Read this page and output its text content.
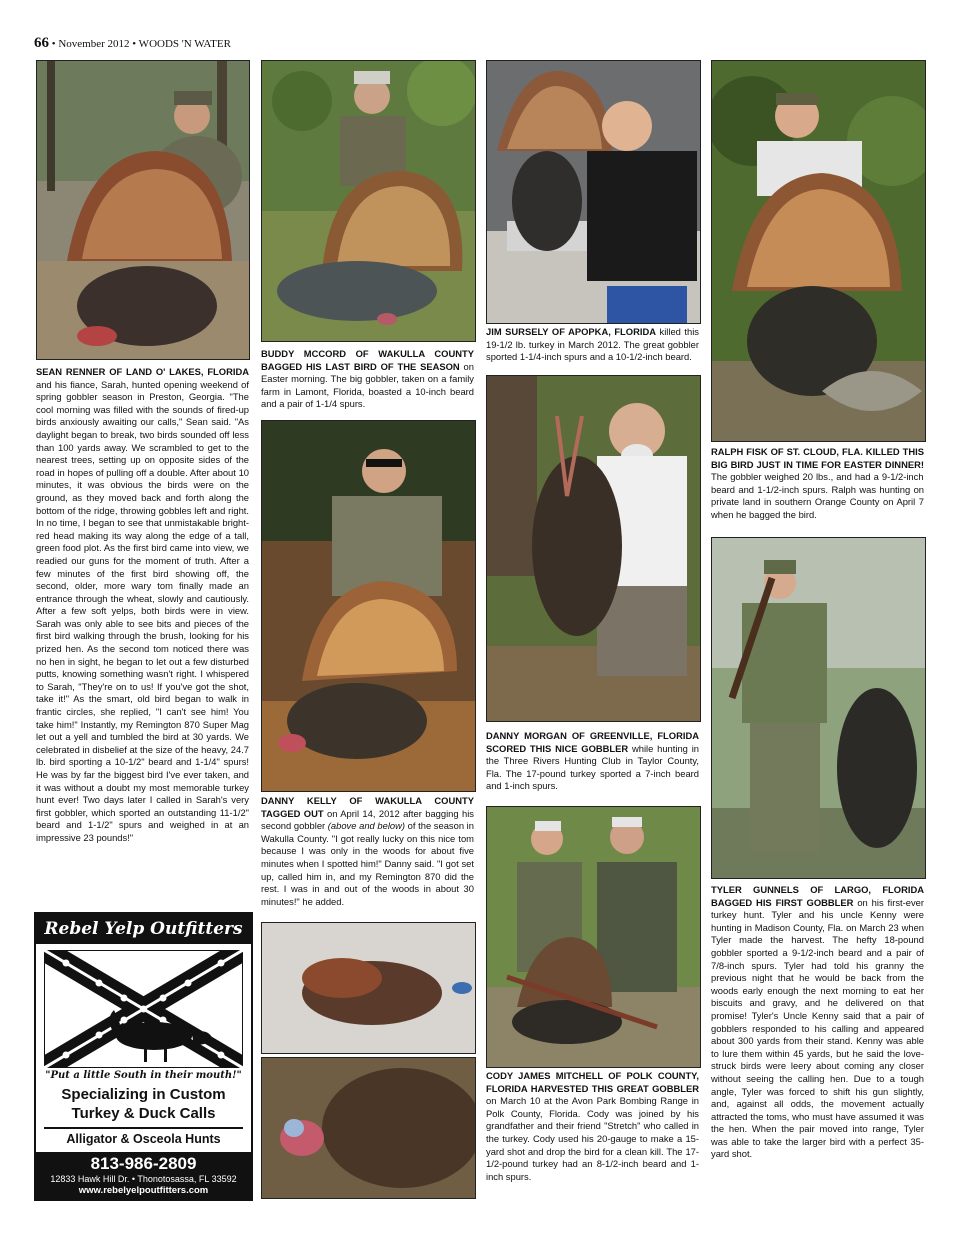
66 • November 2012 • WOODS 'N WATER

SEAN RENNER OF LAND O' LAKES, FLORIDA and his fiance, Sarah, hunted opening weekend of spring gobbler season in Preston, Georgia. "The cool morning was filled with the sounds of fired-up birds anxiously awaiting our calls," Sean said. "As daylight began to break, two birds sounded off less than 100 yards away. We scrambled to get to the nearest trees, setting up on opposite sides of the road in hopes of pulling off a double. After about 10 minutes, it was obvious the birds were on the ground, as they moved back and forth along the bottom of the ridge, throwing gobbles left and right. In no time, I began to see that unmistakable bright-red head making its way along the edge of a tall, green food plot. As the first bird came into view, we readied our guns for the moment of truth. After a few minutes of the first bird showing off, the second, older, more wary tom finally made an entrance through the wheat, slowly and cautiously. After a few soft yelps, both birds were in view. Sarah was only able to see bits and pieces of the first bird walking through the brush, looking for his prized hen. As the second tom noticed there was no hen in sight, he began to let out a few disturbed putts, knowing something wasn't right. I whispered to Sarah, "They're on to us! If you've got the shot, take it!" As the smart, old bird began to walk in frantic circles, she replied, "I can't see him! You take him!" Instantly, my Remington 870 Super Mag let out a yell and tumbled the bird at 30 yards. We celebrated in disbelief at the size of the heavy, 24.7 lb. bird sporting a 10-1/2" beard and 1-1/4" spurs! He was by far the biggest bird I've ever taken, and it was without a doubt my most memorable turkey hunt ever! Two days later I called in Sarah's very first gobbler, which sported an outstanding 11-1/2" beard and 1-1/2" spurs and weighed in at an impressive 23 pounds!"

Rebel Yelp Outfitters
"Put a little South in their mouth!"
Specializing in Custom Turkey & Duck Calls
Alligator & Osceola Hunts
813-986-2809
12833 Hawk Hill Dr. • Thonotosassa, FL 33592
www.rebelyelpoutfitters.com

BUDDY MCCORD OF WAKULLA COUNTY BAGGED HIS LAST BIRD OF THE SEASON on Easter morning. The big gobbler, taken on a family farm in Lamont, Florida, boasted a 10-inch beard and a pair of 1-1/4 spurs.

DANNY KELLY OF WAKULLA COUNTY TAGGED OUT on April 14, 2012 after bagging his second gobbler (above and below) of the season in Wakulla County. "I got really lucky on this nice tom because I was only in the woods for about five minutes when I spotted him!" Danny said. "I got set up, called him in, and my Remington 870 did the rest. I was in and out of the woods in about 30 minutes!" he added.

JIM SURSELY OF APOPKA, FLORIDA killed this 19-1/2 lb. turkey in March 2012. The great gobbler sported 1-1/4-inch spurs and a 10-1/2-inch beard.

DANNY MORGAN OF GREENVILLE, FLORIDA SCORED THIS NICE GOBBLER while hunting in the Three Rivers Hunting Club in Taylor County, Fla. The 17-pound turkey sported a 7-inch beard and 1-inch spurs.

CODY JAMES MITCHELL OF POLK COUNTY, FLORIDA HARVESTED THIS GREAT GOBBLER on March 10 at the Avon Park Bombing Range in Polk County, Florida. Cody was joined by his grandfather and their friend "Stretch" who called in the turkey. Cody used his 20-gauge to make a 15-yard shot and drop the bird for a clean kill. The 17-1/2-pound turkey had an 8-1/2-inch beard and 1-inch spurs.

RALPH FISK OF ST. CLOUD, FLA. KILLED THIS BIG BIRD JUST IN TIME FOR EASTER DINNER! The gobbler weighed 20 lbs., and had a 9-1/2-inch beard and 1-1/2-inch spurs. Ralph was hunting on private land in southern Orange County on April 7 when he bagged the bird.

TYLER GUNNELS OF LARGO, FLORIDA BAGGED HIS FIRST GOBBLER on his first-ever turkey hunt. Tyler and his uncle Kenny were hunting in Madison County, Fla. on March 23 when Tyler made the harvest. The hefty 18-pound gobbler sported a 9-1/2-inch beard and a pair of 7/8-inch spurs. Tyler had told his granny the previous night that he would be back from the woods early enough the next morning to eat her biscuits and gravy, and he delivered on that promise! Tyler's Uncle Kenny said that a pair of gobblers responded to his calling and appeared about 300 yards from their stand. Kenny was able to lure them within 45 yards, but he said the love-struck birds were leery about coming any closer without seeing the calling hen. Due to a tough angle, Tyler was forced to shift his gun slightly, and, against all odds, the movement actually attracted the toms, who must have assumed it was the hen. When the pair moved into range, Tyler was able to take the larger bird with a perfect 35-yard shot.
